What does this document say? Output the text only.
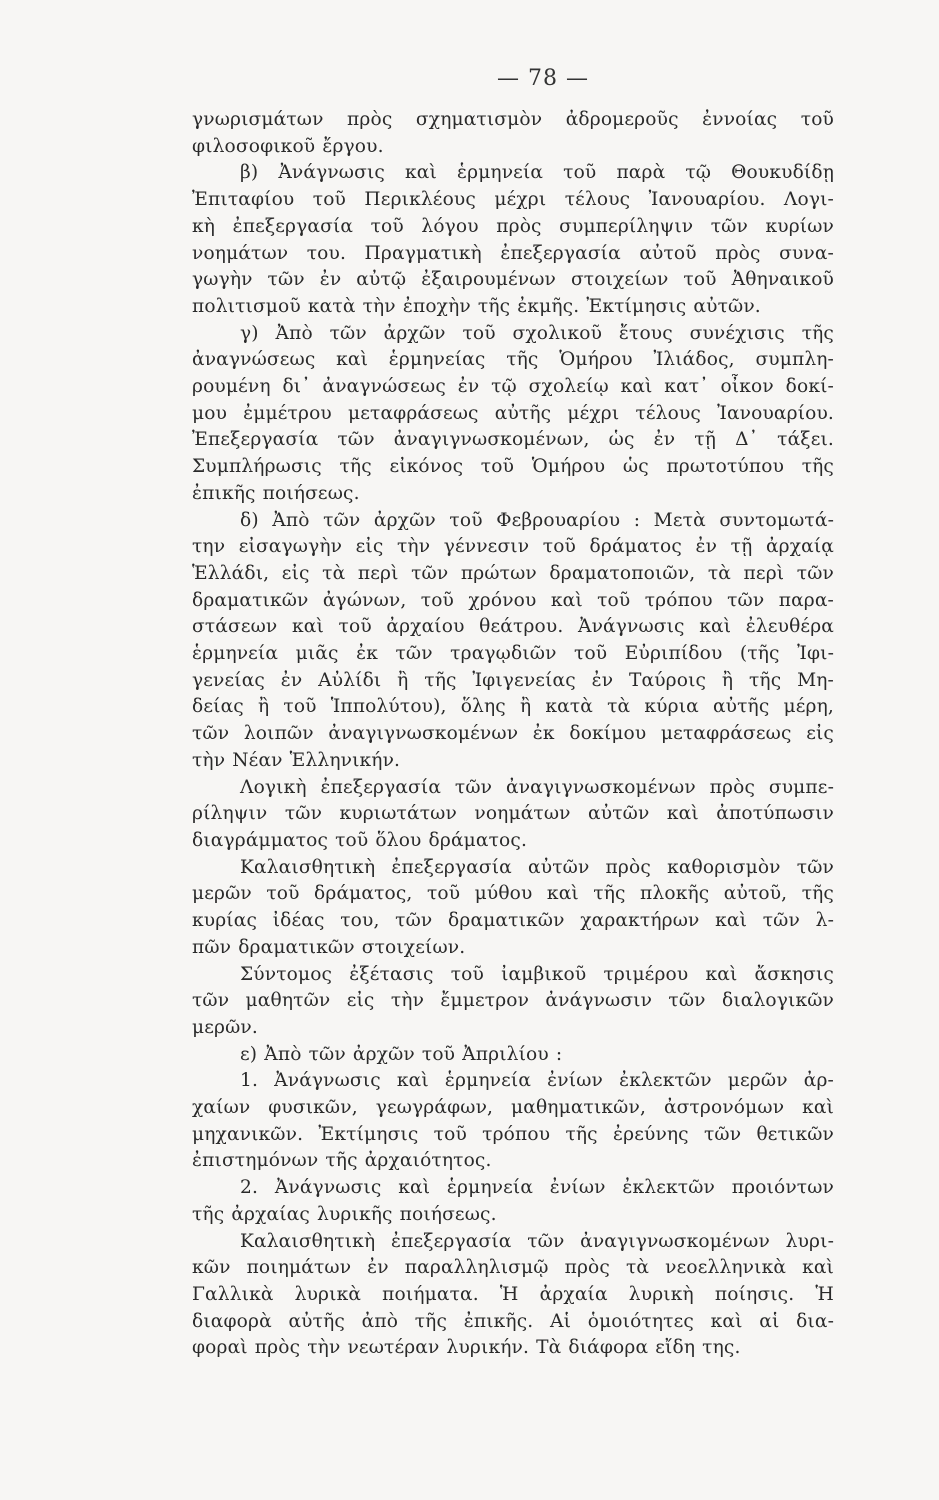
— 78 —
γνωρισμάτων πρὸς σχηματισμὸν ἀδρομεροῦς ἐννοίας τοῦ
φιλοσοφικοῦ ἔργου.
β) Ἀνάγνωσις καὶ ἑρμηνεία τοῦ παρὰ τῷ Θουκυδίδῃ
Ἐπιταφίου τοῦ Περικλέους μέχρι τέλους Ἰανουαρίου. Λογι-
κὴ ἐπεξεργασία τοῦ λόγου πρὸς συμπερίληψιν τῶν κυρίων
νοημάτων του. Πραγματικὴ ἐπεξεργασία αὐτοῦ πρὸς συνα-
γωγὴν τῶν ἐν αὐτῷ ἐξαιρουμένων στοιχείων τοῦ Ἀθηναικοῦ
πολιτισμοῦ κατὰ τὴν ἐποχὴν τῆς ἐκμῆς. Ἐκτίμησις αὐτῶν.
γ) Ἀπὸ τῶν ἀρχῶν τοῦ σχολικοῦ ἔτους συνέχισις τῆς
ἀναγνώσεως καὶ ἑρμηνείας τῆς Ὁμήρου Ἰλιάδος, συμπλη-
ρουμένη δι᾽ ἀναγνώσεως ἐν τῷ σχολείῳ καὶ κατ᾽ οἶκον δοκί-
μου ἐμμέτρου μεταφράσεως αὐτῆς μέχρι τέλους Ἰανουαρίου.
Ἐπεξεργασία τῶν ἀναγιγνωσκομένων, ὡς ἐν τῇ Δ᾽ τάξει.
Συμπλήρωσις τῆς εἰκόνος τοῦ Ὁμήρου ὡς πρωτοτύπου τῆς
ἐπικῆς ποιήσεως.
δ) Ἀπὸ τῶν ἀρχῶν τοῦ Φεβρουαρίου : Μετὰ συντομωτά-
την εἰσαγωγὴν εἰς τὴν γέννεσιν τοῦ δράματος ἐν τῇ ἀρχαίᾳ
Ἑλλάδι, εἰς τὰ περὶ τῶν πρώτων δραματοποιῶν, τὰ περὶ τῶν
δραματικῶν ἀγώνων, τοῦ χρόνου καὶ τοῦ τρόπου τῶν παρα-
στάσεων καὶ τοῦ ἀρχαίου θεάτρου. Ἀνάγνωσις καὶ ἐλευθέρα
ἑρμηνεία μιᾶς ἐκ τῶν τραγῳδιῶν τοῦ Εὐριπίδου (τῆς Ἰφι-
γενείας ἐν Αὐλίδι ἢ τῆς Ἰφιγενείας ἐν Ταύροις ἢ τῆς Μη-
δείας ἢ τοῦ Ἱππολύτου), ὅλης ἢ κατὰ τὰ κύρια αὐτῆς μέρη,
τῶν λοιπῶν ἀναγιγνωσκομένων ἐκ δοκίμου μεταφράσεως εἰς
τὴν Νέαν Ἑλληνικήν.
Λογικὴ ἐπεξεργασία τῶν ἀναγιγνωσκομένων πρὸς συμπε-
ρίληψιν τῶν κυριωτάτων νοημάτων αὐτῶν καὶ ἀποτύπωσιν
διαγράμματος τοῦ ὅλου δράματος.
Καλαισθητικὴ ἐπεξεργασία αὐτῶν πρὸς καθορισμὸν τῶν
μερῶν τοῦ δράματος, τοῦ μύθου καὶ τῆς πλοκῆς αὐτοῦ, τῆς
κυρίας ἰδέας του, τῶν δραματικῶν χαρακτήρων καὶ τῶν λ-
πῶν δραματικῶν στοιχείων.
Σύντομος ἐξέτασις τοῦ ἰαμβικοῦ τριμέρου καὶ ἄσκησις
τῶν μαθητῶν εἰς τὴν ἔμμετρον ἀνάγνωσιν τῶν διαλογικῶν
μερῶν.
ε) Ἀπὸ τῶν ἀρχῶν τοῦ Ἀπριλίου :
1. Ἀνάγνωσις καὶ ἑρμηνεία ἐνίων ἐκλεκτῶν μερῶν ἀρ-
χαίων φυσικῶν, γεωγράφων, μαθηματικῶν, ἀστρονόμων καὶ
μηχανικῶν. Ἐκτίμησις τοῦ τρόπου τῆς ἐρεύνης τῶν θετικῶν
ἐπιστημόνων τῆς ἀρχαιότητος.
2. Ἀνάγνωσις καὶ ἑρμηνεία ἐνίων ἐκλεκτῶν προιόντων
τῆς ἀρχαίας λυρικῆς ποιήσεως.
Καλαισθητικὴ ἐπεξεργασία τῶν ἀναγιγνωσκομένων λυρι-
κῶν ποιημάτων ἐν παραλληλισμῷ πρὸς τὰ νεοελληνικὰ καὶ
Γαλλικὰ λυρικὰ ποιήματα. Ἡ ἀρχαία λυρικὴ ποίησις. Ἡ
διαφορὰ αὐτῆς ἀπὸ τῆς ἐπικῆς. Αἱ ὁμοιότητες καὶ αἱ δια-
φοραὶ πρὸς τὴν νεωτέραν λυρικήν. Τὰ διάφορα εἴδη της.
